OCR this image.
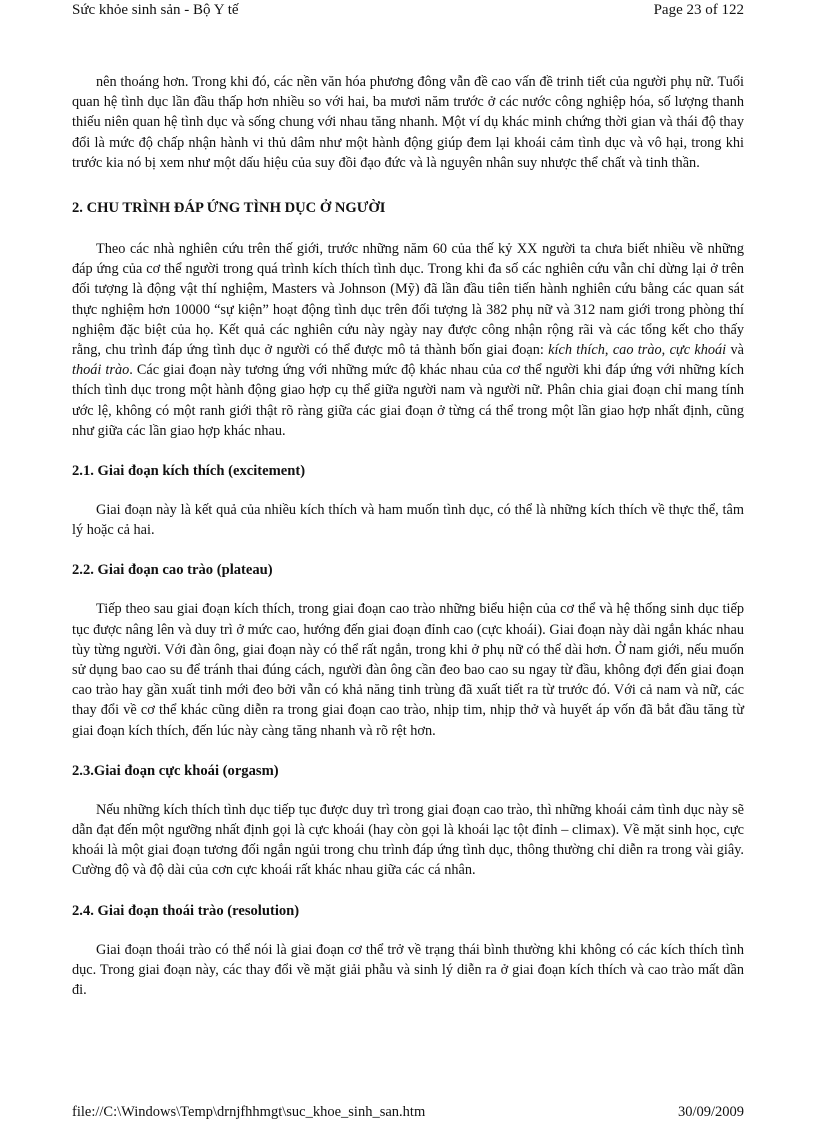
Sức khỏe sinh sản - Bộ Y tế	Page 23 of 122

nên thoáng hơn. Trong khi đó, các nền văn hóa phương đông vẫn đề cao vấn đề trinh tiết của người phụ nữ. Tuổi quan hệ tình dục lần đầu thấp hơn nhiều so với hai, ba mươi năm trước ở các nước công nghiệp hóa, số lượng thanh thiếu niên quan hệ tình dục và sống chung với nhau tăng nhanh. Một ví dụ khác minh chứng thời gian và thái độ thay đổi là mức độ chấp nhận hành vi thủ dâm như một hành động giúp đem lại khoái cảm tình dục và vô hại, trong khi trước kia nó bị xem như một dấu hiệu của suy đồi đạo đức và là nguyên nhân suy nhược thể chất và tinh thần.

2. CHU TRÌNH ĐÁP ỨNG TÌNH DỤC Ở NGƯỜI

Theo các nhà nghiên cứu trên thế giới, trước những năm 60 của thế kỷ XX người ta chưa biết nhiều về những đáp ứng của cơ thể người trong quá trình kích thích tình dục. Trong khi đa số các nghiên cứu vẫn chỉ dừng lại ở trên đối tượng là động vật thí nghiệm, Masters và Johnson (Mỹ) đã lần đầu tiên tiến hành nghiên cứu bằng các quan sát thực nghiệm hơn 10000 “sự kiện” hoạt động tình dục trên đối tượng là 382 phụ nữ và 312 nam giới trong phòng thí nghiệm đặc biệt của họ. Kết quả các nghiên cứu này ngày nay được công nhận rộng rãi và các tổng kết cho thấy rằng, chu trình đáp ứng tình dục ở người có thể được mô tả thành bốn giai đoạn: kích thích, cao trào, cực khoái và thoái trào. Các giai đoạn này tương ứng với những mức độ khác nhau của cơ thể người khi đáp ứng với những kích thích tình dục trong một hành động giao hợp cụ thể giữa người nam và người nữ. Phân chia giai đoạn chỉ mang tính ước lệ, không có một ranh giới thật rõ ràng giữa các giai đoạn ở từng cá thể trong một lần giao hợp nhất định, cũng như giữa các lần giao hợp khác nhau.

2.1. Giai đoạn kích thích (excitement)

Giai đoạn này là kết quả của nhiều kích thích và ham muốn tình dục, có thể là những kích thích về thực thể, tâm lý hoặc cả hai.

2.2. Giai đoạn cao trào (plateau)

Tiếp theo sau giai đoạn kích thích, trong giai đoạn cao trào những biểu hiện của cơ thể và hệ thống sinh dục tiếp tục được nâng lên và duy trì ở mức cao, hướng đến giai đoạn đỉnh cao (cực khoái). Giai đoạn này dài ngắn khác nhau tùy từng người. Với đàn ông, giai đoạn này có thể rất ngắn, trong khi ở phụ nữ có thể dài hơn. Ở nam giới, nếu muốn sử dụng bao cao su để tránh thai đúng cách, người đàn ông cần đeo bao cao su ngay từ đầu, không đợi đến giai đoạn cao trào hay gần xuất tinh mới đeo bởi vẫn có khả năng tinh trùng đã xuất tiết ra từ trước đó. Với cả nam và nữ, các thay đổi về cơ thể khác cũng diễn ra trong giai đoạn cao trào, nhịp tim, nhịp thở và huyết áp vốn đã bắt đầu tăng từ giai đoạn kích thích, đến lúc này càng tăng nhanh và rõ rệt hơn.

2.3.Giai đoạn cực khoái (orgasm)

Nếu những kích thích tình dục tiếp tục được duy trì trong giai đoạn cao trào, thì những khoái cảm tình dục này sẽ dẫn đạt đến một ngưỡng nhất định gọi là cực khoái (hay còn gọi là khoái lạc tột đỉnh – climax). Về mặt sinh học, cực khoái là một giai đoạn tương đối ngắn ngủi trong chu trình đáp ứng tình dục, thông thường chỉ diễn ra trong vài giây. Cường độ và độ dài của cơn cực khoái rất khác nhau giữa các cá nhân.

2.4. Giai đoạn thoái trào (resolution)

Giai đoạn thoái trào có thể nói là giai đoạn cơ thể trở về trạng thái bình thường khi không có các kích thích tình dục. Trong giai đoạn này, các thay đổi về mặt giải phẫu và sinh lý diễn ra ở giai đoạn kích thích và cao trào mất dần đi.

file://C:\Windows\Temp\drnjfhhmgt\suc_khoe_sinh_san.htm	30/09/2009
